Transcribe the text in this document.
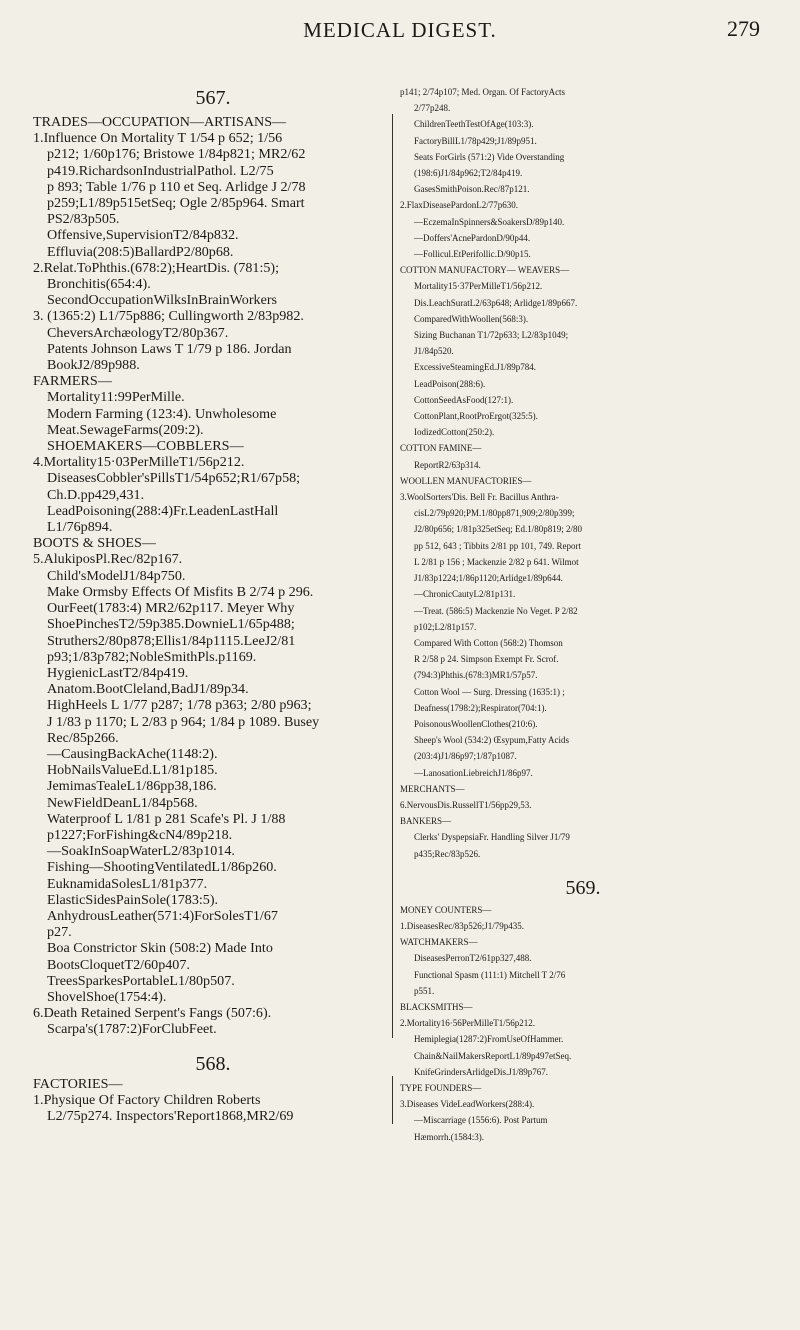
MEDICAL DIGEST.	279
567.
TRADES—OCCUPATION—ARTISANS—
1.Influence On Mortality T 1/54 p 652; 1/56
p212; 1/60p176; Bristowe 1/84p821; MR2/62
p419.RichardsonIndustrialPathol. L2/75
p 893; Table 1/76 p 110 et Seq. Arlidge J 2/78
p259;L1/89p515etSeq; Ogle 2/85p964. Smart
PS2/83p505.
Offensive,SupervisionT2/84p832.
Effluvia(208:5)BallardP2/80p68.
2.Relat.ToPhthis.(678:2);HeartDis. (781:5);
Bronchitis(654:4).
SecondOccupationWilksInBrainWorkers
3. (1365:2) L1/75p886; Cullingworth 2/83p982.
CheversArchæologyT2/80p367.
Patents Johnson Laws T 1/79 p 186. Jordan
BookJ2/89p988.
FARMERS—
Mortality11:99PerMille.
Modern Farming (123:4). Unwholesome
Meat.SewageFarms(209:2).
SHOEMAKERS—COBBLERS—
4.Mortality15·03PerMilleT1/56p212.
DiseasesCobbler'sPillsT1/54p652;R1/67p58;
Ch.D.pp429,431.
LeadPoisoning(288:4)Fr.LeadenLastHall
L1/76p894.
BOOTS & SHOES—
5.AlukiposPl.Rec/82p167.
Child'sModelJ1/84p750.
Make Ormsby Effects Of Misfits B 2/74 p 296.
OurFeet(1783:4) MR2/62p117. Meyer Why
ShoePinchesT2/59p385.DownieL1/65p488;
Struthers2/80p878;Ellis1/84p1115.LeeJ2/81
p93;1/83p782;NobleSmithPls.p1169.
HygienicLastT2/84p419.
Anatom.BootCleland,BadJ1/89p34.
HighHeels L 1/77 p287; 1/78 p363; 2/80 p963;
J 1/83 p 1170; L 2/83 p 964; 1/84 p 1089. Busey
Rec/85p266.
—CausingBackAche(1148:2).
HobNailsValueEd.L1/81p185.
JemimasTealeL1/86pp38,186.
NewFieldDeanL1/84p568.
Waterproof L 1/81 p 281 Scafe's Pl. J 1/88
p1227;ForFishing&cN4/89p218.
—SoakInSoapWaterL2/83p1014.
Fishing—ShootingVentilatedL1/86p260.
EuknamidaSolesL1/81p377.
ElasticSidesPainSole(1783:5).
AnhydrousLeather(571:4)ForSolesT1/67
p27.
Boa Constrictor Skin (508:2) Made Into
BootsCloquetT2/60p407.
TreesSparkesPortableL1/80p507.
ShovelShoe(1754:4).
6.Death Retained Serpent's Fangs (507:6).
Scarpa's(1787:2)ForClubFeet.
568.
FACTORIES—
1.Physique Of Factory Children Roberts
L2/75p274. Inspectors'Report1868,MR2/69
p141; 2/74p107; Med. Organ. Of FactoryActs
2/77p248.
ChildrenTeethTestOfAge(103:3).
FactoryBillL1/78p429;J1/89p951.
Seats ForGirls (571:2) Vide Overstanding
(198:6)J1/84p962;T2/84p419.
GasesSmithPoison.Rec/87p121.
2.FlaxDiseasePardonL2/77p630.
—EczemaInSpinners&SoakersD/89p140.
—Doffers'AcnePardonD/90p44.
—Follicul.EtPerifollic.D/90p15.
COTTON MANUFACTORY— WEAVERS—
Mortality15·37PerMilleT1/56p212.
Dis.LeachSuratL2/63p648; Arlidge1/89p667.
ComparedWithWoollen(568:3).
Sizing Buchanan T1/72p633; L2/83p1049;
J1/84p520.
ExcessiveSteamingEd.J1/89p784.
LeadPoison(288:6).
CottonSeedAsFood(127:1).
CottonPlant,RootProErgot(325:5).
IodizedCotton(250:2).
COTTON FAMINE—
ReportR2/63p314.
WOOLLEN MANUFACTORIES—
3.WoolSorters'Dis. Bell Fr. Bacillus Anthra-
cisL2/79p920;PM.1/80pp871,909;2/80p399;
J2/80p656; 1/81p325etSeq; Ed.1/80p819; 2/80
pp 512, 643 ; Tibbits 2/81 pp 101, 749. Report
L 2/81 p 156 ; Mackenzie 2/82 p 641. Wilmot
J1/83p1224;1/86p1120;Arlidge1/89p644.
—ChronicCautyL2/81p131.
—Treat. (586:5) Mackenzie No Veget. P 2/82
p102;L2/81p157.
Compared With Cotton (568:2) Thomson
R 2/58 p 24. Simpson Exempt Fr. Scrof.
(794:3)Phthis.(678:3)MR1/57p57.
Cotton Wool — Surg. Dressing (1635:1) ;
Deafness(1798:2);Respirator(704:1).
PoisonousWoollenClothes(210:6).
Sheep's Wool (534:2) Œsypum,Fatty Acids
(203:4)J1/86p97;1/87p1087.
—LanosationLiebreichJ1/86p97.
MERCHANTS—
6.NervousDis.RussellT1/56pp29,53.
BANKERS—
Clerks' DyspepsiaFr. Handling Silver J1/79
p435;Rec/83p526.
569.
MONEY COUNTERS—
1.DiseasesRec/83p526;J1/79p435.
WATCHMAKERS—
DiseasesPerronT2/61pp327,488.
Functional Spasm (111:1) Mitchell T 2/76
p551.
BLACKSMITHS—
2.Mortality16·56PerMilleT1/56p212.
Hemiplegia(1287:2)FromUseOfHammer.
Chain&NailMakersReportL1/89p497etSeq.
KnifeGrindersArlidgeDis.J1/89p767.
TYPE FOUNDERS—
3.Diseases VideLeadWorkers(288:4).
—Miscarriage (1556:6). Post Partum
Hæmorrh.(1584:3).
